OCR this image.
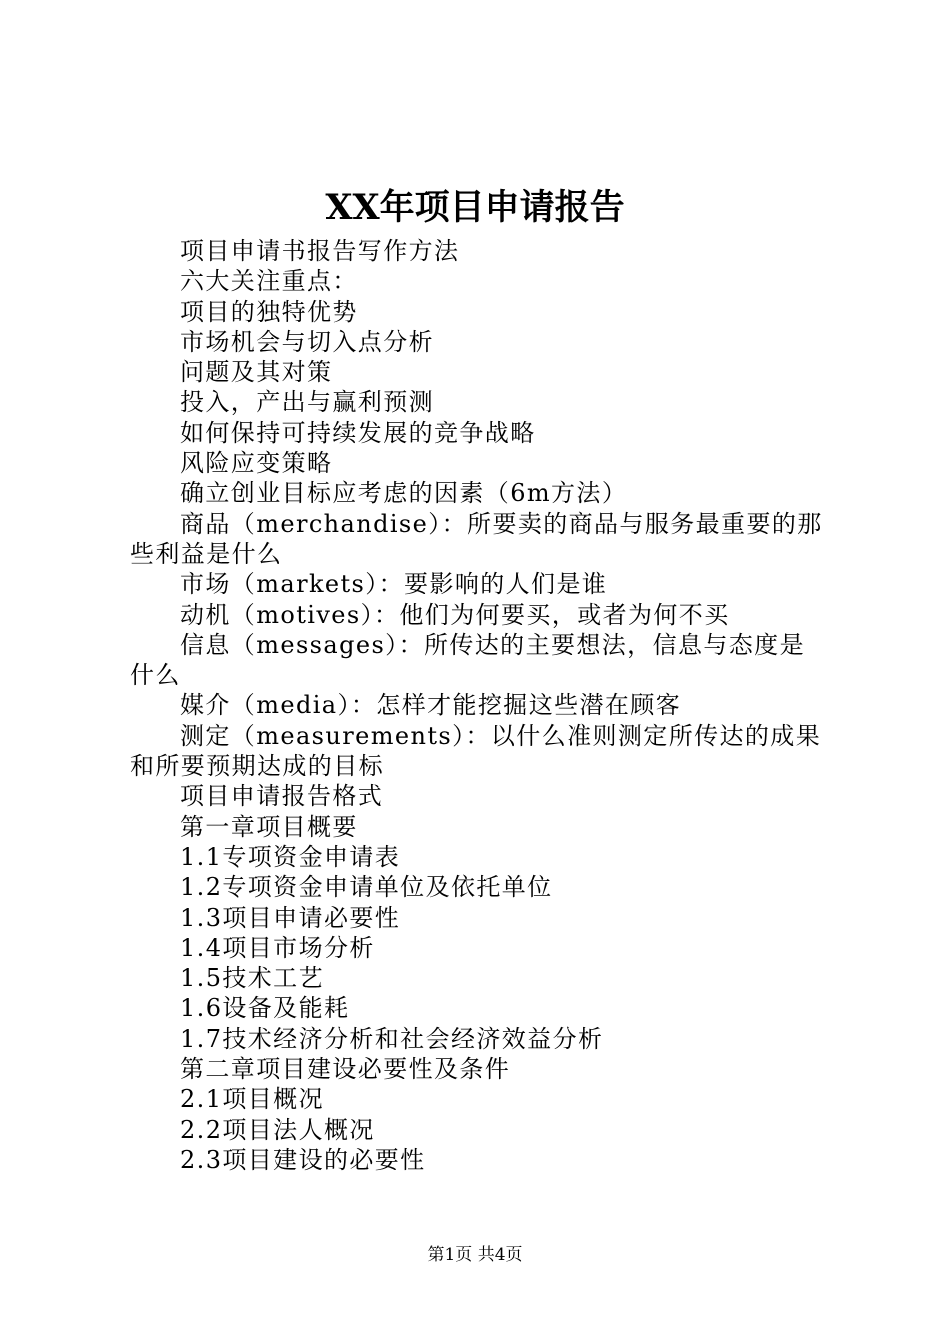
XX年项目申请报告

项目申请书报告写作方法

六大关注重点：

项目的独特优势

市场机会与切入点分析

问题及其对策

投入，产出与赢利预测

如何保持可持续发展的竞争战略

风险应变策略

确立创业目标应考虑的因素（6m方法）

商品（merchandise）：所要卖的商品与服务最重要的那些利益是什么

市场（markets）：要影响的人们是谁

动机（motives）：他们为何要买，或者为何不买

信息（messages）：所传达的主要想法，信息与态度是什么

媒介（media）：怎样才能挖掘这些潜在顾客

测定（measurements）：以什么准则测定所传达的成果和所要预期达成的目标

项目申请报告格式

第一章项目概要

1.1专项资金申请表

1.2专项资金申请单位及依托单位

1.3项目申请必要性

1.4项目市场分析

1.5技术工艺

1.6设备及能耗

1.7技术经济分析和社会经济效益分析

第二章项目建设必要性及条件

2.1项目概况

2.2项目法人概况

2.3项目建设的必要性

第1页 共4页
